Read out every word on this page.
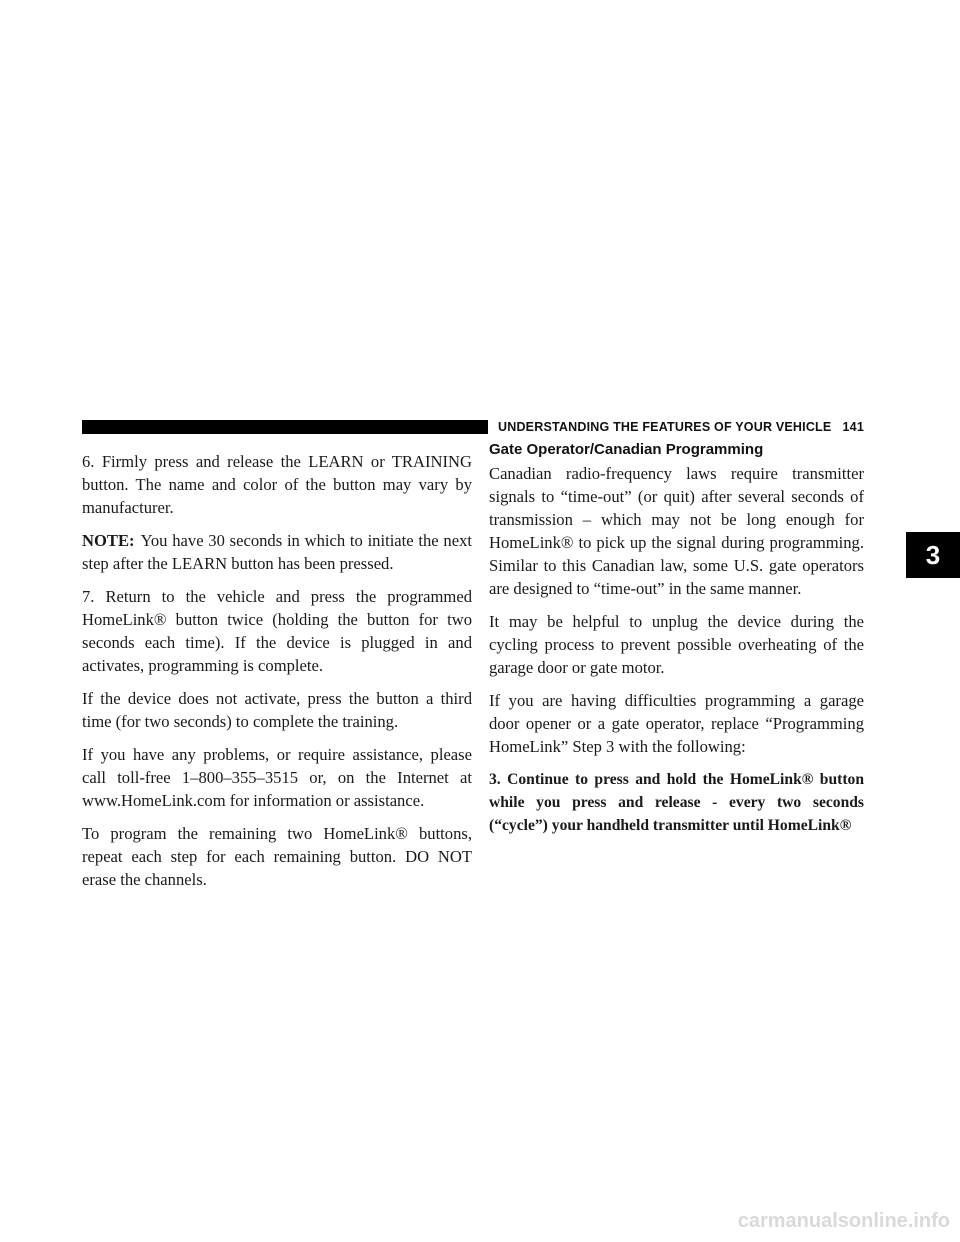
UNDERSTANDING THE FEATURES OF YOUR VEHICLE 141

6. Firmly press and release the LEARN or TRAINING button. The name and color of the button may vary by manufacturer.

NOTE: You have 30 seconds in which to initiate the next step after the LEARN button has been pressed.

7. Return to the vehicle and press the programmed HomeLink® button twice (holding the button for two seconds each time). If the device is plugged in and activates, programming is complete.

If the device does not activate, press the button a third time (for two seconds) to complete the training.

If you have any problems, or require assistance, please call toll-free 1–800–355–3515 or, on the Internet at www.HomeLink.com for information or assistance.

To program the remaining two HomeLink® buttons, repeat each step for each remaining button. DO NOT erase the channels.

Gate Operator/Canadian Programming

Canadian radio-frequency laws require transmitter signals to “time-out” (or quit) after several seconds of transmission – which may not be long enough for HomeLink® to pick up the signal during programming. Similar to this Canadian law, some U.S. gate operators are designed to “time-out” in the same manner.

It may be helpful to unplug the device during the cycling process to prevent possible overheating of the garage door or gate motor.

If you are having difficulties programming a garage door opener or a gate operator, replace “Programming HomeLink” Step 3 with the following:

3. Continue to press and hold the HomeLink® button while you press and release - every two seconds (“cycle”) your handheld transmitter until HomeLink®

3
carmanualsonline.info
